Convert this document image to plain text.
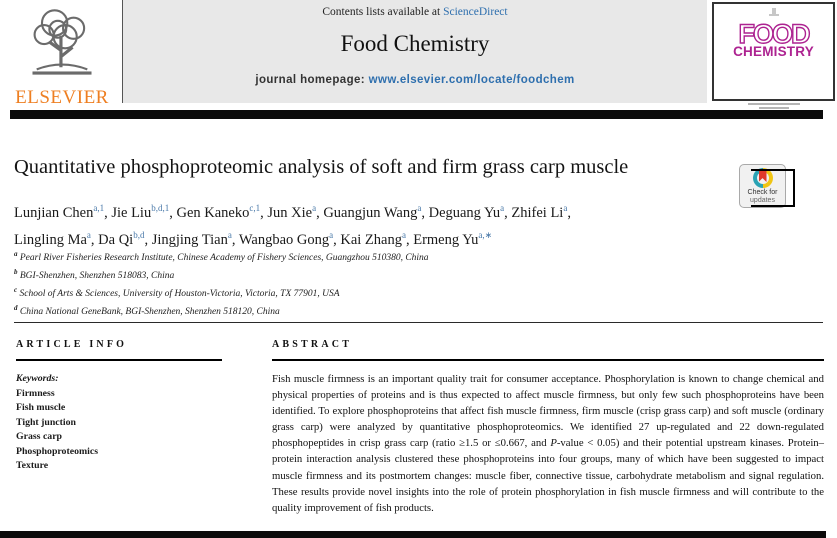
ELSEVIER
Contents lists available at ScienceDirect
Food Chemistry
journal homepage: www.elsevier.com/locate/foodchem
FOOD
CHEMISTRY
Quantitative phosphoproteomic analysis of soft and firm grass carp muscle
Check for
updates
Lunjian Chen$^{a,1}$, Jie Liu$^{b,d,1}$, Gen Kaneko$^{c,1}$, Jun Xie$^a$, Guangjun Wang$^a$, Deguang Yu$^a$, Zhifei Li$^a$,
Lingling Ma$^a$, Da Qi$^{b,d}$, Jingjing Tian$^a$, Wangbao Gong$^a$, Kai Zhang$^a$, Ermeng $Yu^{a,∗}$
$^a$ Pearl River Fisheries Research Institute, Chinese Academy of Fishery Sciences, Guangzhou 510380, China
$^b$ BGI-Shenzhen, Shenzhen 518083, China
$^c$ School of Arts & Sciences, University of Houston-Victoria, Victoria, TX 77901, USA
$^d$ China National GeneBank, BGI-Shenzhen, Shenzhen 518120, China
ARTICLE INFO
Keywords:
Firmness
Fish muscle
Tight junction
Grass carp
Phosphoproteomics
Texture
ABSTRACT

Fish muscle firmness is an important quality trait for consumer acceptance. Phosphorylation is known to change chemical and physical properties of proteins and is thus expected to affect muscle firmness, but only few such phosphoproteins have been identified. To explore phosphoproteins that affect fish muscle firmness, firm muscle (crisp grass carp) and soft muscle (ordinary grass carp) were analyzed by quantitative phosphoproteomics. We identified 27 up-regulated and 22 down-regulated phosphopeptides in crisp grass carp (ratio ≥1.5 or ≤0.667, and P-value < 0.05) and their potential upstream kinases. Protein–protein interaction analysis clustered these phosphoproteins into four groups, many of which have been suggested to impact muscle firmness and its postmortem changes: muscle fiber, connective tissue, carbohydrate metabolism and signal regulation. These results provide novel insights into the role of protein phosphorylation in fish muscle firmness and will contribute to the quality improvement of fish products.
